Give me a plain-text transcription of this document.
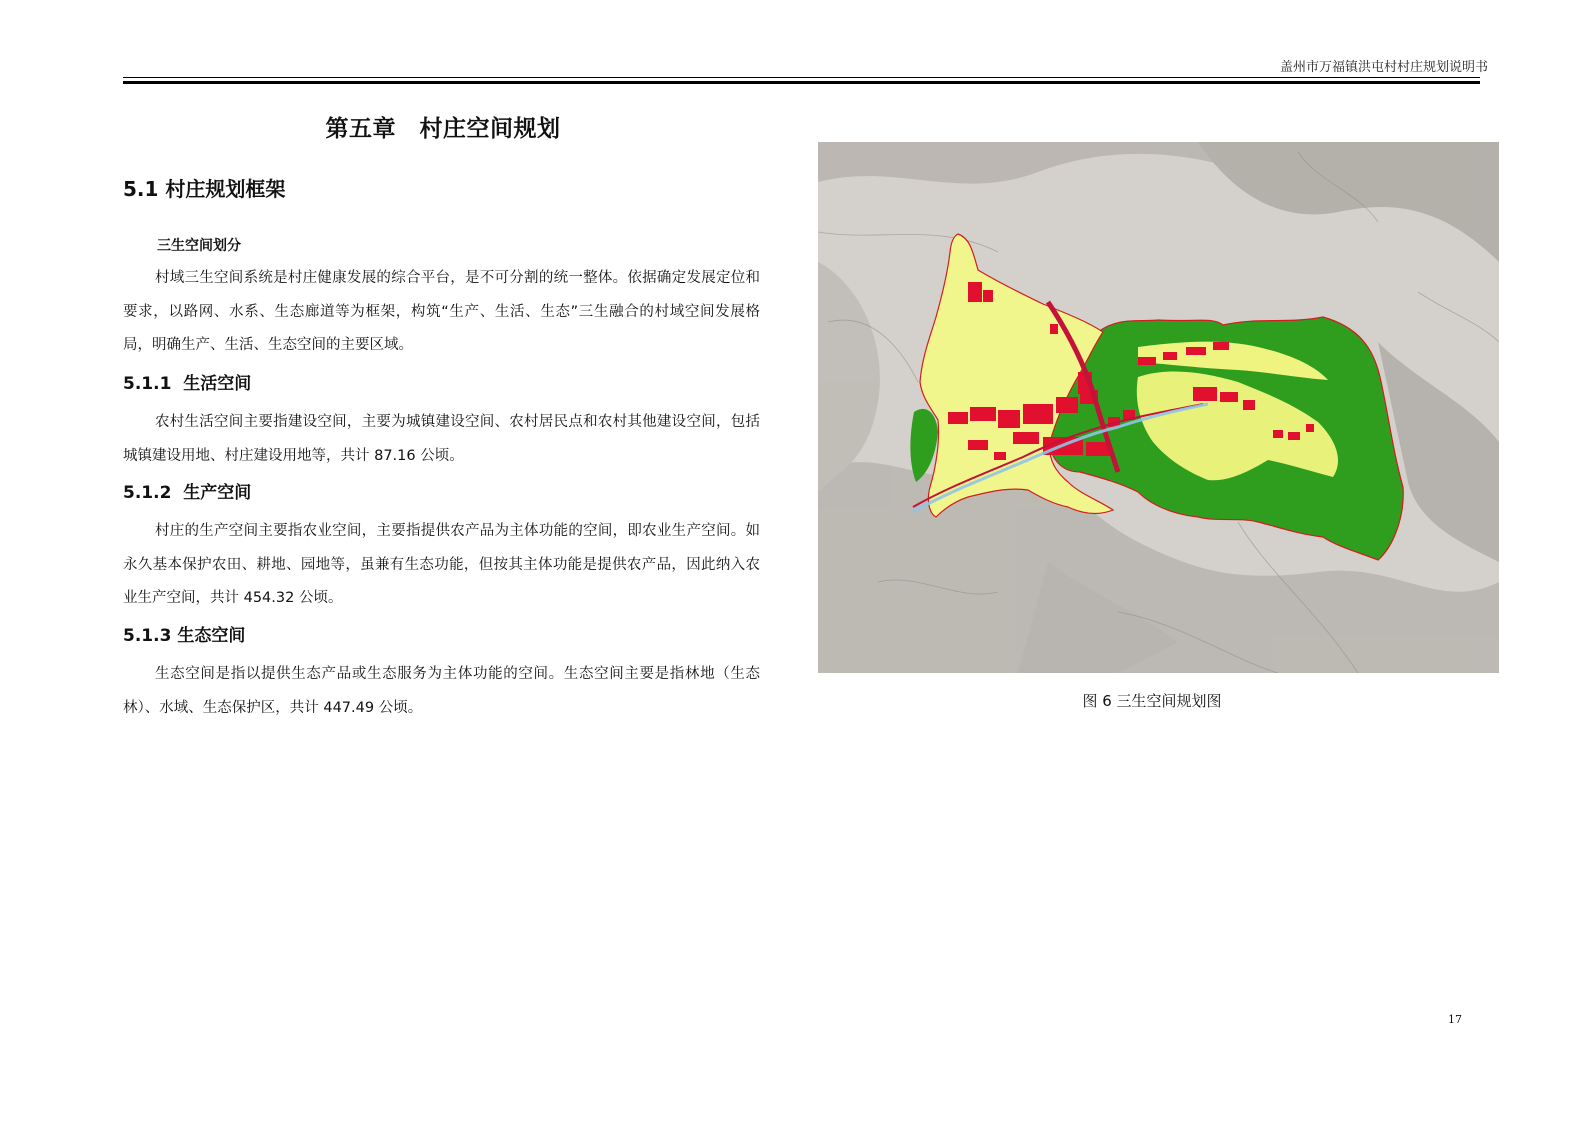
盖州市万福镇洪屯村村庄规划说明书
第五章　村庄空间规划
5.1 村庄规划框架
三生空间划分

村域三生空间系统是村庄健康发展的综合平台，是不可分割的统一整体。依据确定发展定位和要求，以路网、水系、生态廊道等为框架，构筑“生产、生活、生态”三生融合的村域空间发展格局，明确生产、生活、生态空间的主要区域。

5.1.1  生活空间

农村生活空间主要指建设空间，主要为城镇建设空间、农村居民点和农村其他建设空间，包括城镇建设用地、村庄建设用地等，共计 87.16 公顷。

5.1.2  生产空间

村庄的生产空间主要指农业空间，主要指提供农产品为主体功能的空间，即农业生产空间。如永久基本保护农田、耕地、园地等，虽兼有生态功能，但按其主体功能是提供农产品，因此纳入农业生产空间，共计 454.32 公顷。

5.1.3 生态空间

生态空间是指以提供生态产品或生态服务为主体功能的空间。生态空间主要是指林地（生态林）、水域、生态保护区，共计 447.49 公顷。	图 6 三生空间规划图
17
